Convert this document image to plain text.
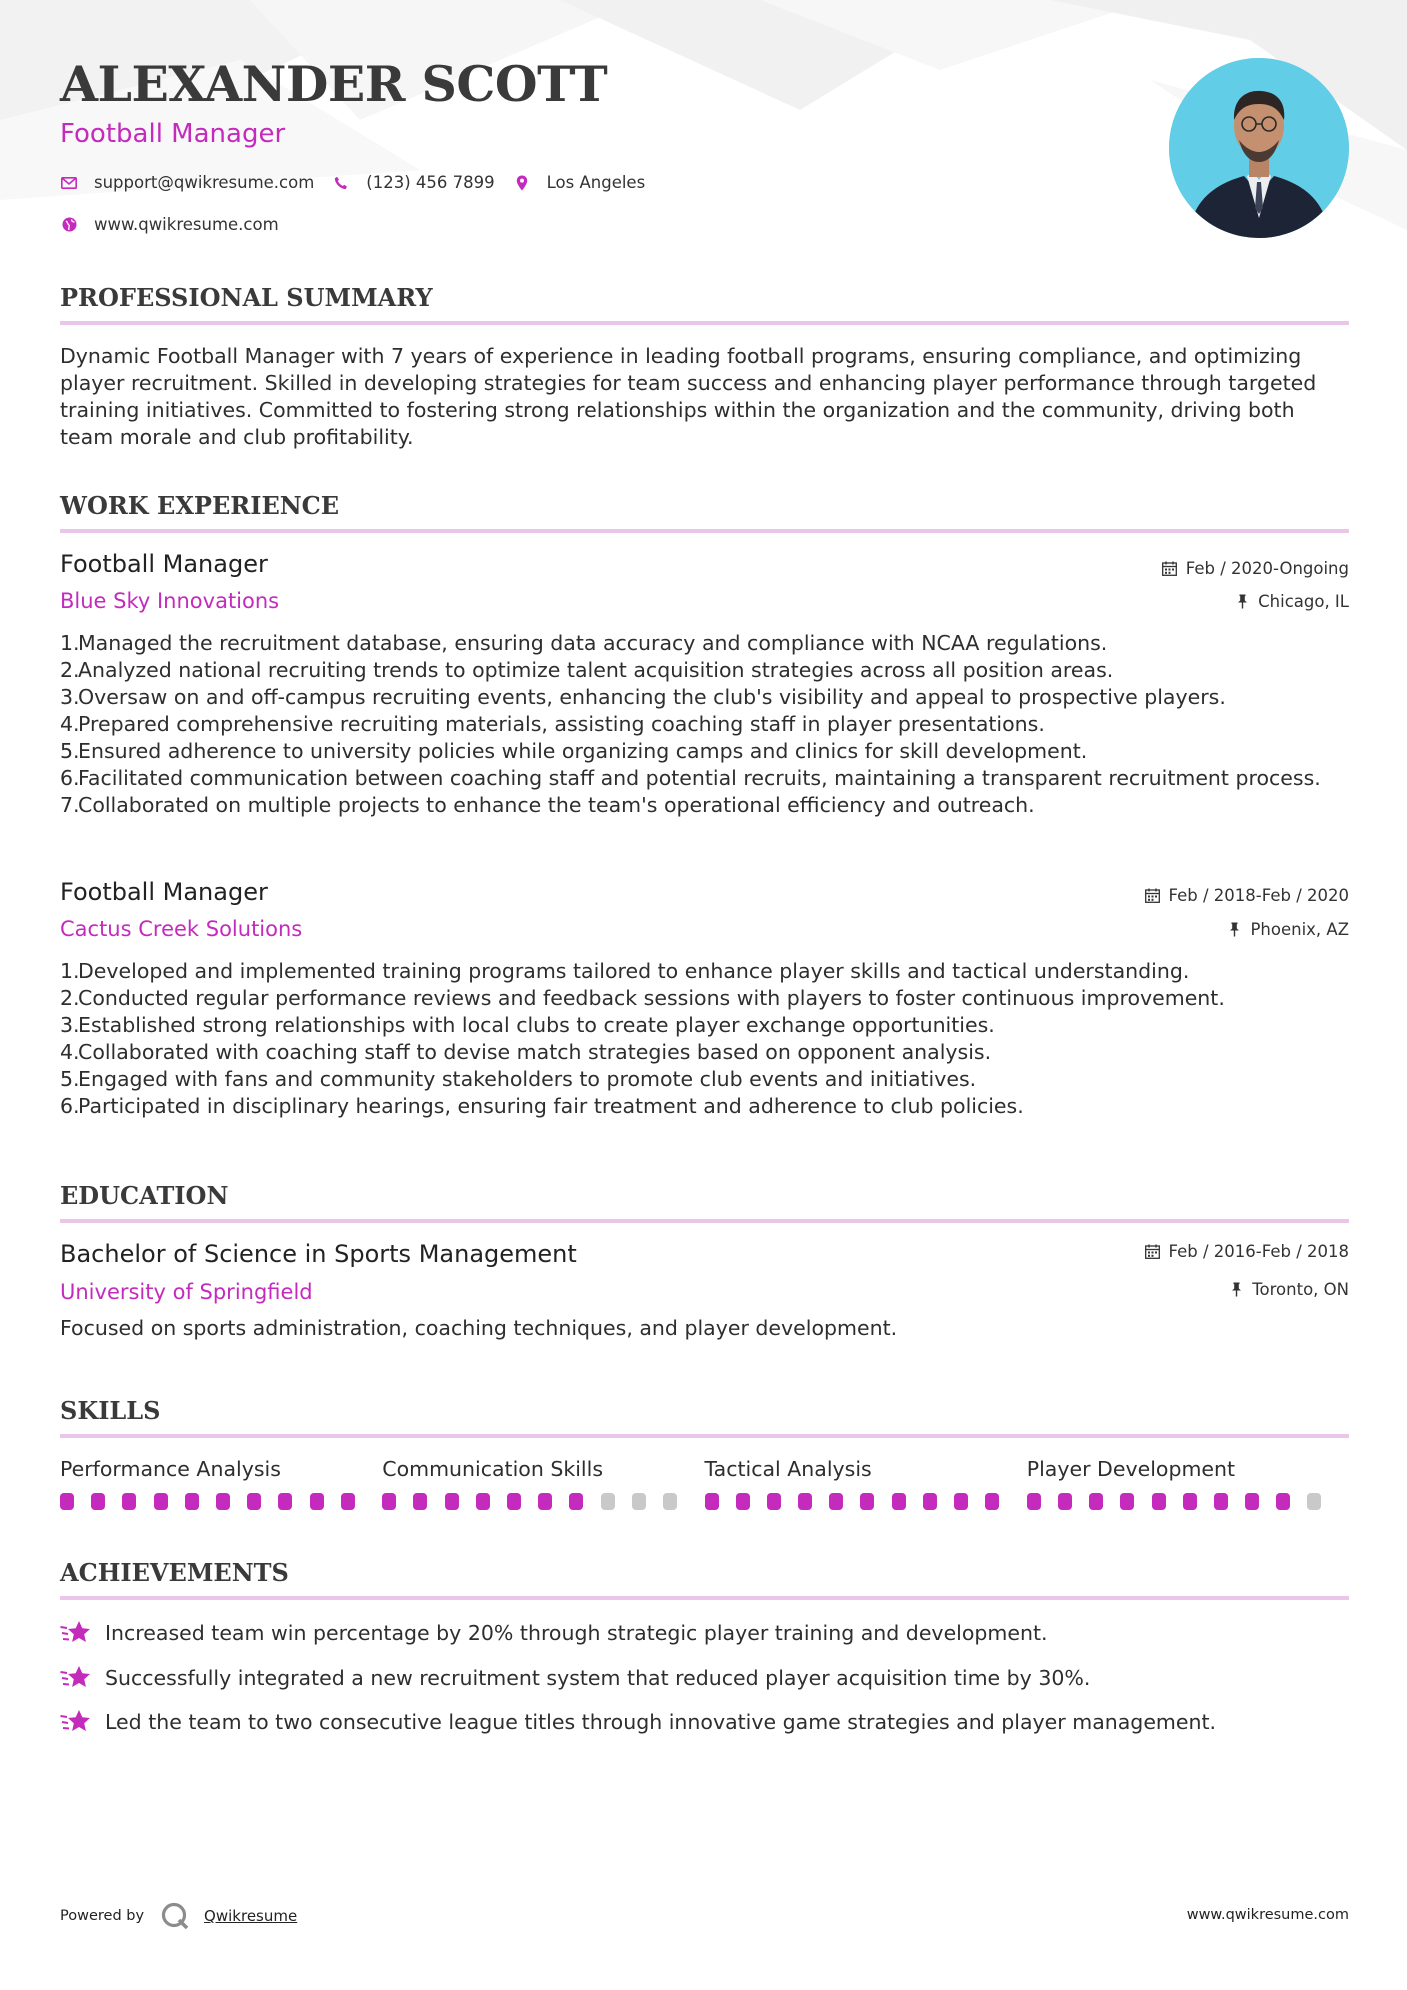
ALEXANDER SCOTT
Football Manager
support@qwikresume.com	(123) 456 7899	Los Angeles
www.qwikresume.com
PROFESSIONAL SUMMARY
Dynamic Football Manager with 7 years of experience in leading football programs, ensuring compliance, and optimizing player recruitment. Skilled in developing strategies for team success and enhancing player performance through targeted training initiatives. Committed to fostering strong relationships within the organization and the community, driving both team morale and club profitability.
WORK EXPERIENCE
Football Manager
Blue Sky Innovations
Feb / 2020-Ongoing
Chicago, IL
1.
Managed the recruitment database, ensuring data accuracy and compliance with NCAA regulations.
2.
Analyzed national recruiting trends to optimize talent acquisition strategies across all position areas.
3.
Oversaw on and off-campus recruiting events, enhancing the club's visibility and appeal to prospective players.
4.
Prepared comprehensive recruiting materials, assisting coaching staff in player presentations.
5.
Ensured adherence to university policies while organizing camps and clinics for skill development.
6.
Facilitated communication between coaching staff and potential recruits, maintaining a transparent recruitment process.
7.
Collaborated on multiple projects to enhance the team's operational efficiency and outreach.
Football Manager
Cactus Creek Solutions
Feb / 2018-Feb / 2020
Phoenix, AZ
1.
Developed and implemented training programs tailored to enhance player skills and tactical understanding.
2.
Conducted regular performance reviews and feedback sessions with players to foster continuous improvement.
3.
Established strong relationships with local clubs to create player exchange opportunities.
4.
Collaborated with coaching staff to devise match strategies based on opponent analysis.
5.
Engaged with fans and community stakeholders to promote club events and initiatives.
6.
Participated in disciplinary hearings, ensuring fair treatment and adherence to club policies.
EDUCATION
Bachelor of Science in Sports Management
University of Springfield
Feb / 2016-Feb / 2018
Toronto, ON
Focused on sports administration, coaching techniques, and player development.
SKILLS
Performance Analysis	Communication Skills	Tactical Analysis	Player Development
ACHIEVEMENTS
Increased team win percentage by 20% through strategic player training and development.
Successfully integrated a new recruitment system that reduced player acquisition time by 30%.
Led the team to two consecutive league titles through innovative game strategies and player management.
Powered by	Qwikresume	www.qwikresume.com
